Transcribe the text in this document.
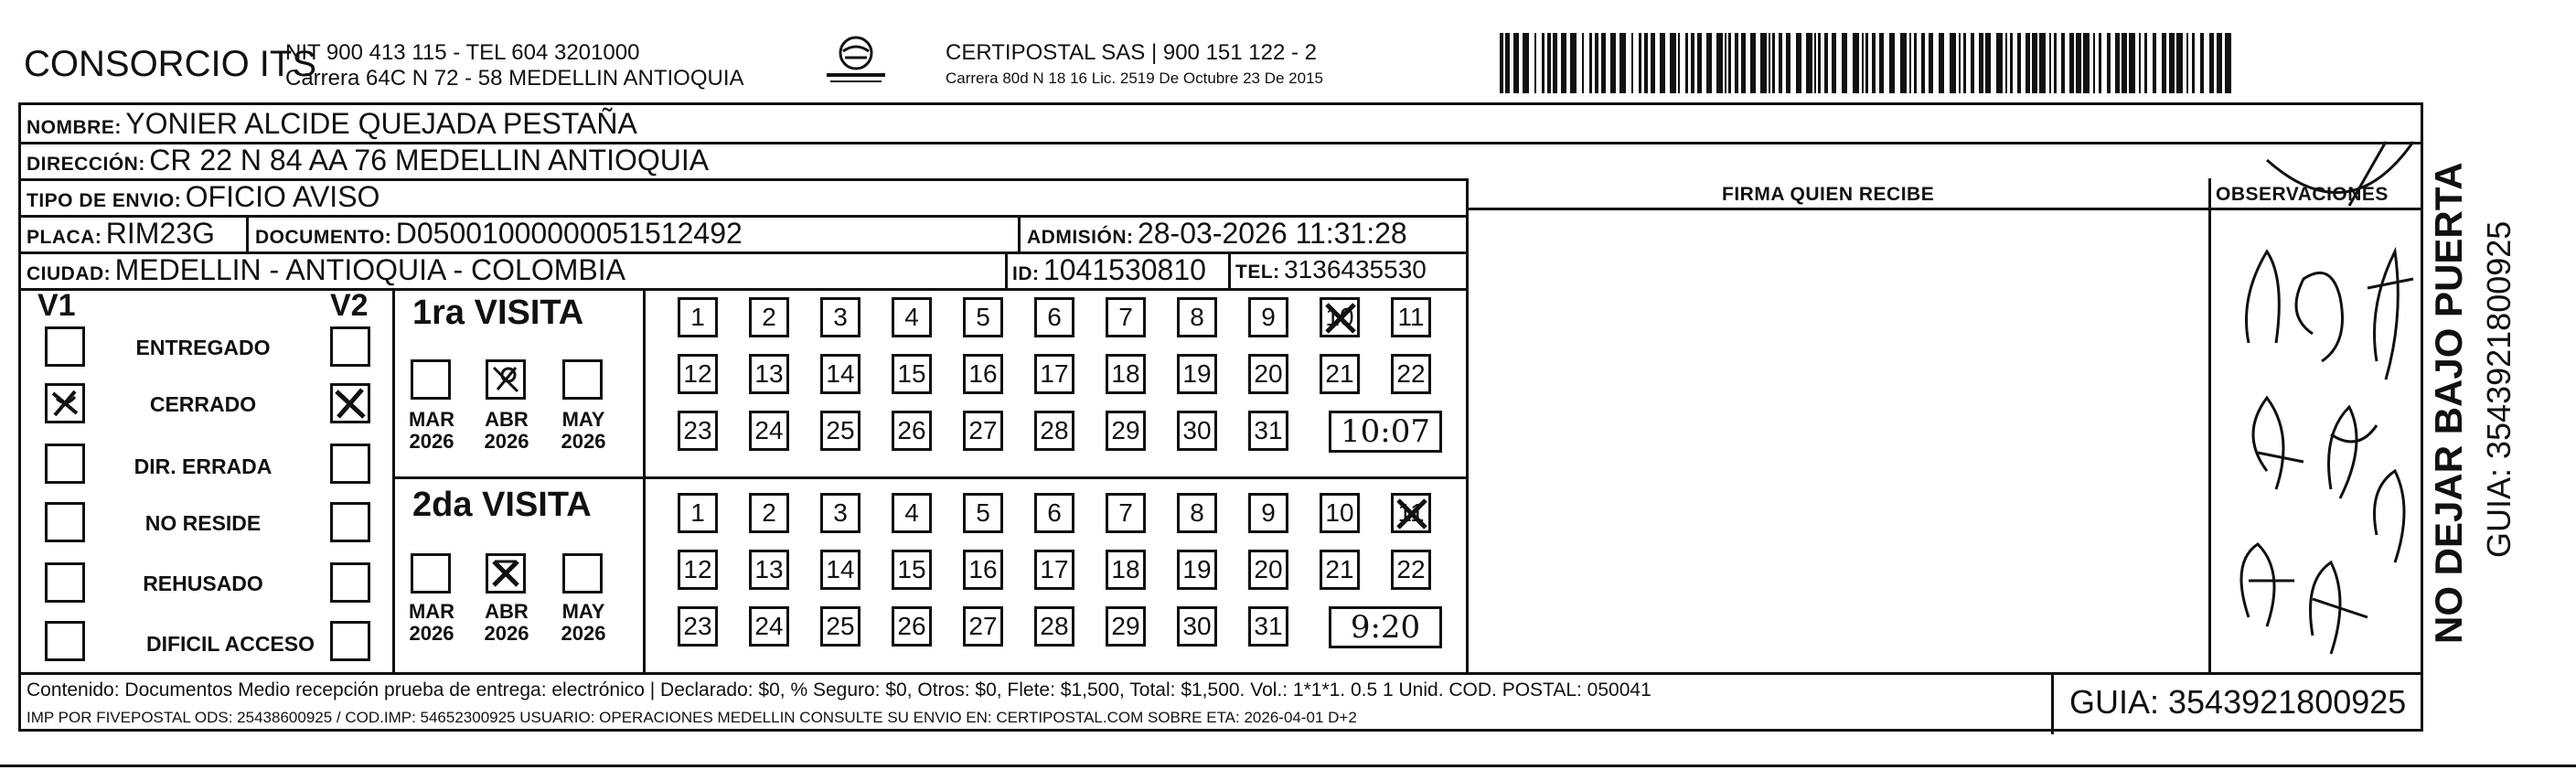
CONSORCIO ITS
NIT 900 413 115 - TEL 604 3201000
Carrera 64C N 72 - 58 MEDELLIN ANTIOQUIA
CERTIPOSTAL SAS | 900 151 122 - 2
Carrera 80d N 18 16 Lic. 2519 De Octubre 23 De 2015
NOMBRE: YONIER ALCIDE QUEJADA PESTAÑA
DIRECCIÓN: CR 22 N 84 AA 76 MEDELLIN ANTIOQUIA
TIPO DE ENVIO: OFICIO AVISO	FIRMA QUIEN RECIBE	OBSERVACIONES
PLACA: RIM23G DOCUMENTO: D05001000000051512492	ADMISIÓN: 28-03-2026 11:31:28
CIUDAD: MEDELLIN - ANTIOQUIA - COLOMBIA	ID: 1041530810 TEL: 3136435530
V1	V2
ENTREGADO
CERRADO
DIR. ERRADA
NO RESIDE
REHUSADO
DIFICIL ACCESO
1ra VISITA
MAR
2026
ABR
2026
MAY
2026
1	2	3	4	5	6	7	8	9	10 11
12 13 14 15 16 17 18 19 20 21 22
23 24 25 26 27 28 29 30 31	10:07
2da VISITA
MAR
2026
ABR
2026
MAY
2026
1	2	3	4	5	6	7	8	9	10 11
12 13 14 15 16 17 18 19 20 21 22
23 24 25 26 27 28 29 30 31	9:20
Contenido: Documentos Medio recepción prueba de entrega: electrónico | Declarado: $0, % Seguro: $0, Otros: $0, Flete: $1,500, Total: $1,500. Vol.: 1*1*1. 0.5 1 Unid. COD. POSTAL: 050041
IMP POR FIVEPOSTAL ODS: 25438600925 / COD.IMP: 54652300925 USUARIO: OPERACIONES MEDELLIN CONSULTE SU ENVIO EN: CERTIPOSTAL.COM SOBRE ETA: 2026-04-01 D+2	GUIA: 3543921800925
NO DEJAR BAJO PUERTA GUIA: 3543921800925
